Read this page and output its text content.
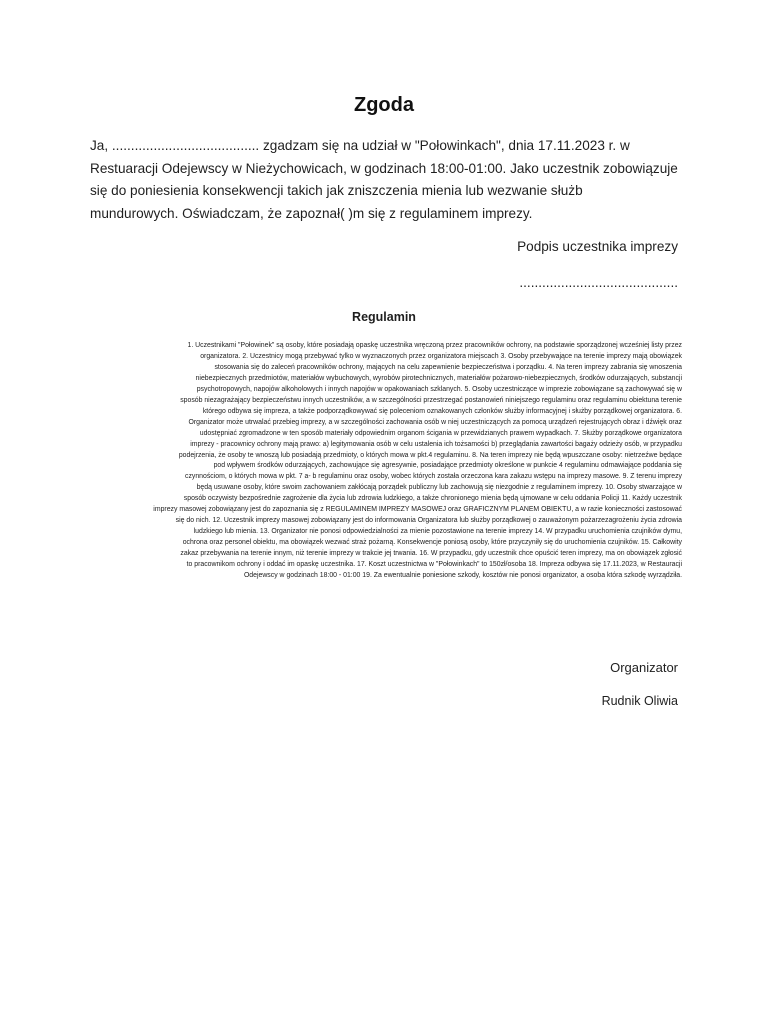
Zgoda
Ja, ....................................... zgadzam się na udział w "Połowinkach", dnia 17.11.2023 r. w
Restuaracji Odejewscy w Nieżychowicach, w godzinach 18:00-01:00. Jako uczestnik zobowiązuje
się do poniesienia konsekwencji takich jak zniszczenia mienia lub wezwanie służb
mundurowych. Oświadczam, że zapoznał( )m się z regulaminem imprezy.
Podpis uczestnika imprezy
..........................................
Regulamin
1. Uczestnikami "Połowinek" są osoby, które posiadają opaskę uczestnika wręczoną przez pracowników ochrony, na podstawie sporządzonej wcześniej listy przez
organizatora. 2. Uczestnicy mogą przebywać tylko w wyznaczonych przez organizatora miejscach 3. Osoby przebywające na terenie imprezy mają obowiązek
stosowania się do zaleceń pracowników ochrony, mających na celu zapewnienie bezpieczeństwa i porządku. 4. Na teren imprezy zabrania się wnoszenia
niebezpiecznych przedmiotów, materiałów wybuchowych, wyrobów pirotechnicznych, materiałów pożarowo-niebezpiecznych, środków odurzających, substancji
psychotropowych, napojów alkoholowych i innych napojów w opakowaniach szklanych. 5. Osoby uczestniczące w imprezie zobowiązane są zachowywać się w
sposób niezagrażający bezpieczeństwu innych uczestników, a w szczególności przestrzegać postanowień niniejszego regulaminu oraz regulaminu obiektuna terenie
którego odbywa się impreza, a także podporządkowywać się poleceniom oznakowanych członków służby informacyjnej i służby porządkowej organizatora. 6.
Organizator może utrwalać przebieg imprezy, a w szczególności zachowania osób w niej uczestniczących za pomocą urządzeń rejestrujących obraz i dźwięk oraz
udostępniać zgromadzone w ten sposób materiały odpowiednim organom ścigania w przewidzianych prawem wypadkach. 7. Służby porządkowe organizatora
imprezy - pracownicy ochrony mają prawo: a) legitymowania osób w celu ustalenia ich tożsamości b) przeglądania zawartości bagaży odzieży osób, w przypadku
podejrzenia, że osoby te wnoszą lub posiadają przedmioty, o których mowa w pkt.4 regulaminu. 8. Na teren imprezy nie będą wpuszczane osoby: nietrzeźwe będące
pod wpływem środków odurzających, zachowujące się agresywnie, posiadające przedmioty określone w punkcie 4 regulaminu odmawiające poddania się
czynnościom, o których mowa w pkt. 7 a- b regulaminu oraz osoby, wobec których została orzeczona kara zakazu wstępu na imprezy masowe. 9. Z terenu imprezy
będą usuwane osoby, które swoim zachowaniem zakłócają porządek publiczny lub zachowują się niezgodnie z regulaminem imprezy. 10. Osoby stwarzające w
sposób oczywisty bezpośrednie zagrożenie dla życia lub zdrowia ludzkiego, a także chronionego mienia będą ujmowane w celu oddania Policji 11. Każdy uczestnik
imprezy masowej zobowiązany jest do zapoznania się z REGULAMINEM IMPREZY MASOWEJ oraz GRAFICZNYM PLANEM OBIEKTU, a w razie konieczności zastosować
się do nich. 12. Uczestnik imprezy masowej zobowiązany jest do informowania Organizatora lub służby porządkowej o zauważonym pożarzezagrożeniu życia zdrowia
ludzkiego lub mienia. 13. Organizator nie ponosi odpowiedzialności za mienie pozostawione na terenie imprezy 14. W przypadku uruchomienia czujników dymu,
ochrona oraz personel obiektu, ma obowiązek wezwać straż pożarną. Konsekwencje poniosą osoby, które przyczyniły się do uruchomienia czujników. 15. Całkowity
zakaz przebywania na terenie innym, niż terenie imprezy w trakcie jej trwania. 16. W przypadku, gdy uczestnik chce opuścić teren imprezy, ma on obowiązek zgłosić
to pracownikom ochrony i oddać im opaskę uczestnika. 17. Koszt uczestnictwa w "Połowinkach" to 150zł/osoba 18. Impreza odbywa się 17.11.2023, w Restauracji
Odejewscy w godzinach 18:00 - 01:00 19. Za ewentualnie poniesione szkody, kosztów nie ponosi organizator, a osoba która szkodę wyrządziła.
Organizator
Rudnik Oliwia
